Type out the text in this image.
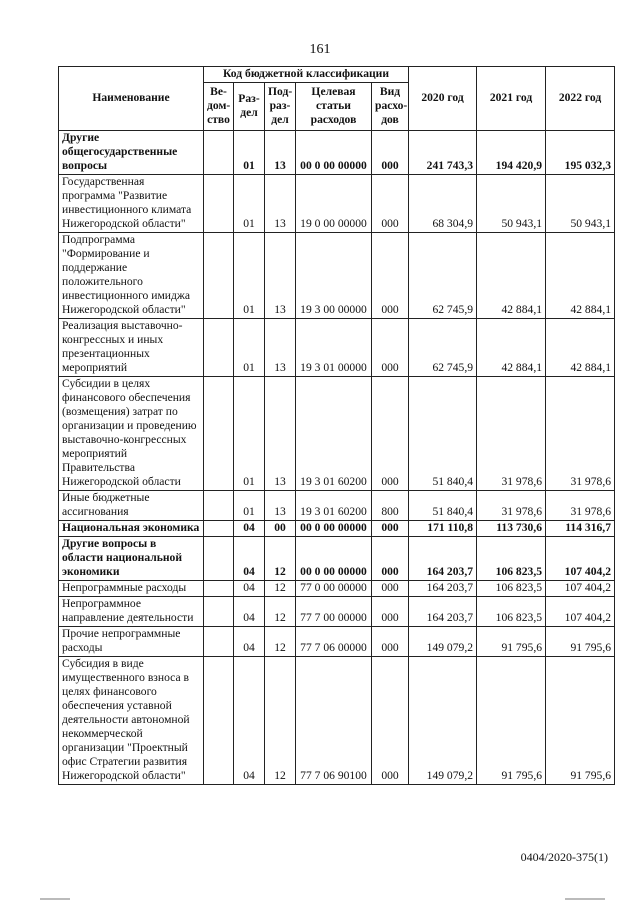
161
Наименование	Код бюджетной классификации					2020 год	2021 год	2022 год
	Ве-дом-ство	Раз-дел	Под-раз-дел	Целевая статьи расходов	Вид расхо-дов			
Другие общегосударственные вопросы		01	13	00 0 00 00000	000	241 743,3	194 420,9	195 032,3
Государственная программа "Развитие инвестиционного климата Нижегородской области"		01	13	19 0 00 00000	000	68 304,9	50 943,1	50 943,1
Подпрограмма "Формирование и поддержание положительного инвестиционного имиджа Нижегородской области"		01	13	19 3 00 00000	000	62 745,9	42 884,1	42 884,1
Реализация выставочно-конгрессных и иных презентационных мероприятий		01	13	19 3 01 00000	000	62 745,9	42 884,1	42 884,1
Субсидии в целях финансового обеспечения (возмещения) затрат по организации и проведению выставочно-конгрессных мероприятий Правительства Нижегородской области		01	13	19 3 01 60200	000	51 840,4	31 978,6	31 978,6
Иные бюджетные ассигнования		01	13	19 3 01 60200	800	51 840,4	31 978,6	31 978,6
Национальная экономика		04	00	00 0 00 00000	000	171 110,8	113 730,6	114 316,7
Другие вопросы в области национальной экономики		04	12	00 0 00 00000	000	164 203,7	106 823,5	107 404,2
Непрограммные расходы		04	12	77 0 00 00000	000	164 203,7	106 823,5	107 404,2
Непрограммное направление деятельности		04	12	77 7 00 00000	000	164 203,7	106 823,5	107 404,2
Прочие непрограммные расходы		04	12	77 7 06 00000	000	149 079,2	91 795,6	91 795,6
Субсидия в виде имущественного взноса в целях финансового обеспечения уставной деятельности автономной некоммерческой организации "Проектный офис Стратегии развития Нижегородской области"		04	12	77 7 06 90100	000	149 079,2	91 795,6	91 795,6
0404/2020-375(1)
